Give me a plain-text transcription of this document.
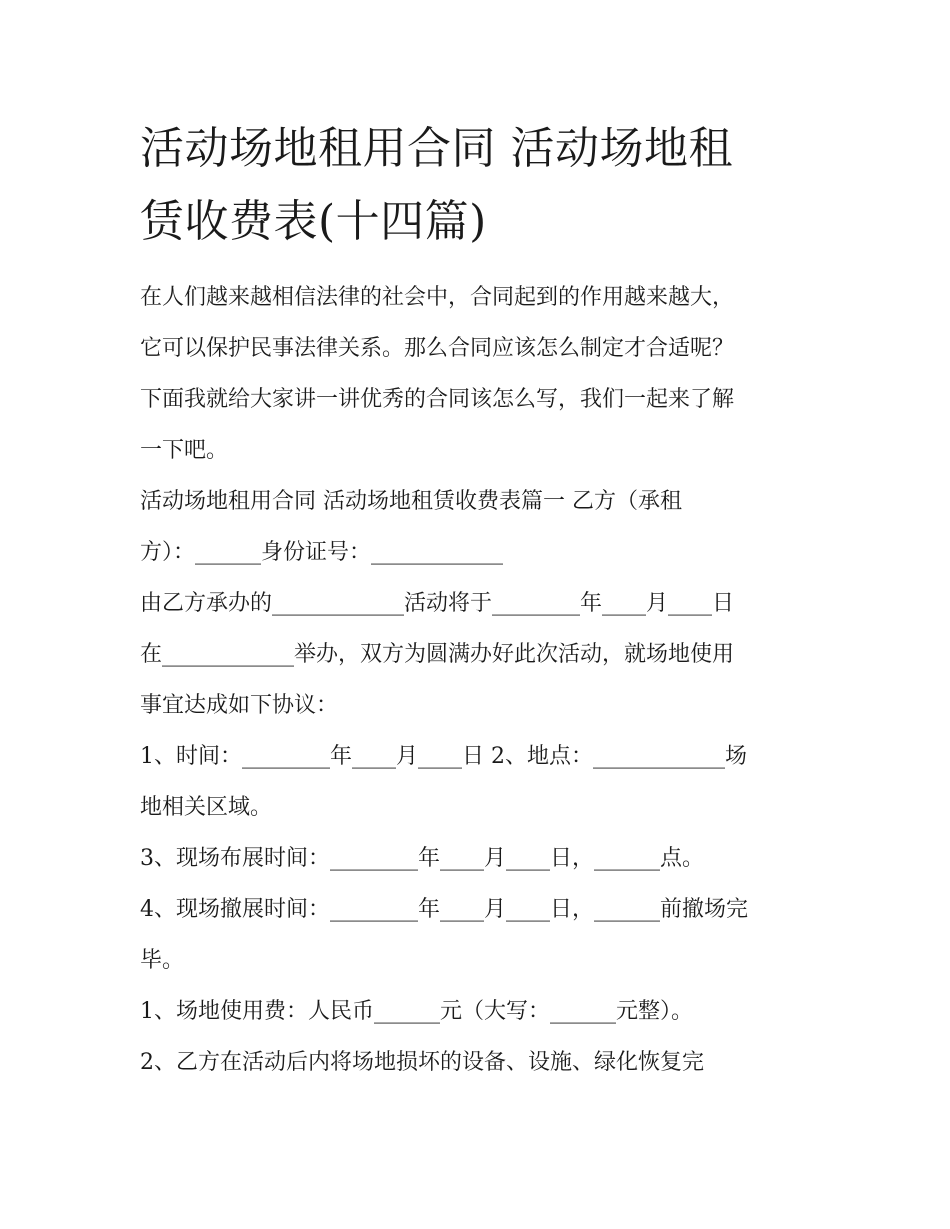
活动场地租用合同 活动场地租
赁收费表(十四篇)
在人们越来越相信法律的社会中，合同起到的作用越来越大，
它可以保护民事法律关系。那么合同应该怎么制定才合适呢？
下面我就给大家讲一讲优秀的合同该怎么写，我们一起来了解
一下吧。
活动场地租用合同 活动场地租赁收费表篇一 乙方（承租
方）：______身份证号：____________
由乙方承办的____________活动将于________年____月____日
在____________举办，双方为圆满办好此次活动，就场地使用
事宜达成如下协议：
1、时间：________年____月____日 2、地点：____________场
地相关区域。
3、现场布展时间：________年____月____日，______点。
4、现场撤展时间：________年____月____日，______前撤场完
毕。
1、场地使用费：人民币______元（大写：______元整）。
2、乙方在活动后内将场地损坏的设备、设施、绿化恢复完
